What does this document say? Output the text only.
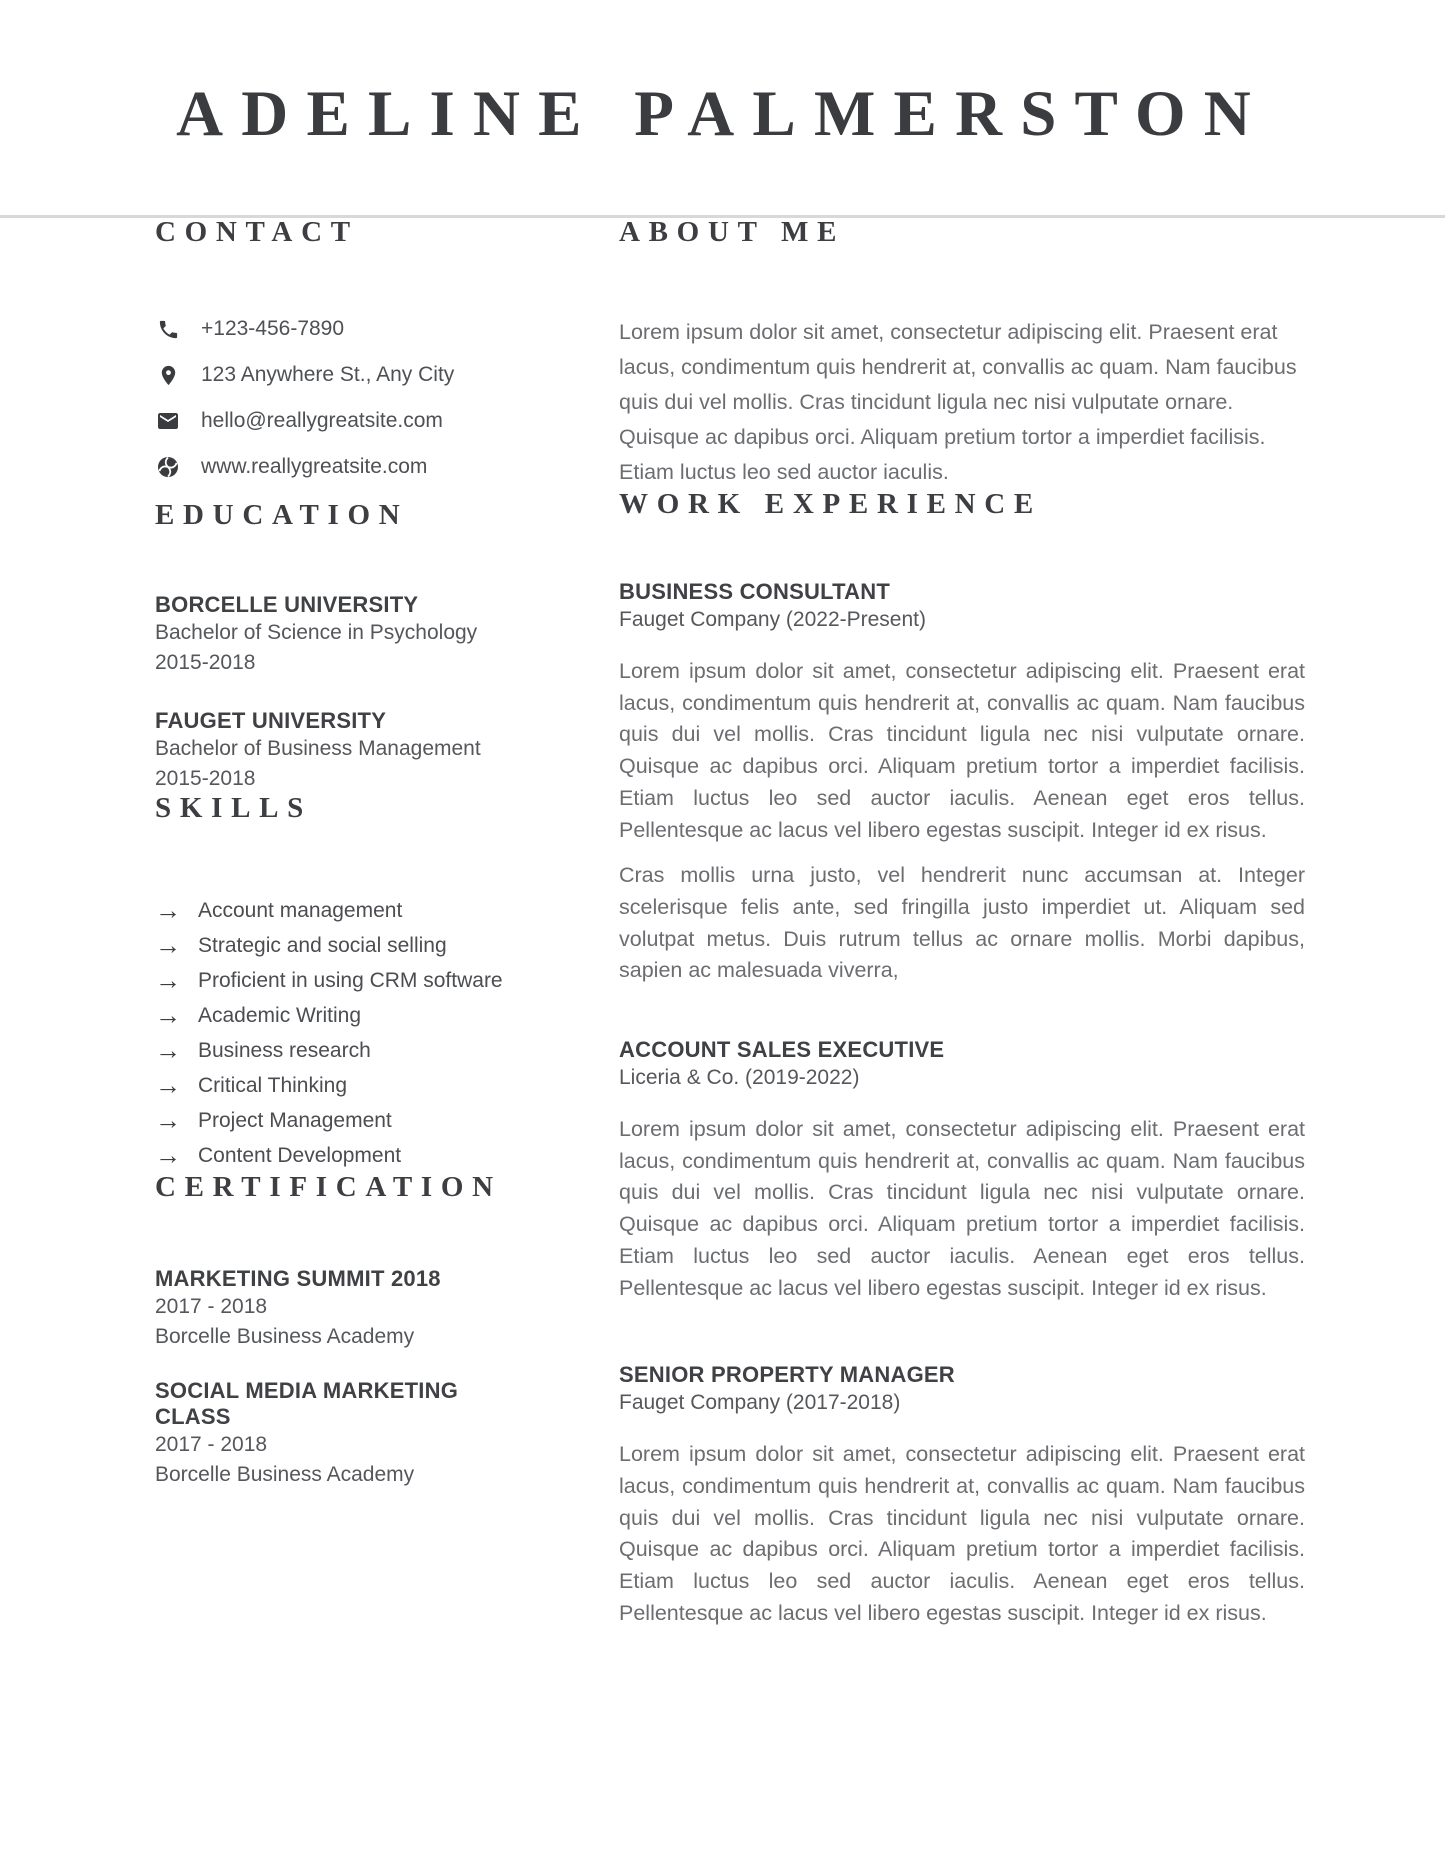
ADELINE PALMERSTON
CONTACT
+123-456-7890
123 Anywhere St., Any City
hello@reallygreatsite.com
www.reallygreatsite.com
EDUCATION
BORCELLE UNIVERSITY
Bachelor of Science in Psychology
2015-2018
FAUGET UNIVERSITY
Bachelor of Business Management
2015-2018
SKILLS
→ Account management
→ Strategic and social selling
→ Proficient in using CRM software
→ Academic Writing
→ Business research
→ Critical Thinking
→ Project Management
→ Content Development
CERTIFICATION
MARKETING SUMMIT 2018
2017 - 2018
Borcelle Business Academy
SOCIAL MEDIA MARKETING CLASS
2017 - 2018
Borcelle Business Academy
ABOUT ME

Lorem ipsum dolor sit amet, consectetur adipiscing elit. Praesent erat lacus, condimentum quis hendrerit at, convallis ac quam. Nam faucibus quis dui vel mollis. Cras tincidunt ligula nec nisi vulputate ornare. Quisque ac dapibus orci. Aliquam pretium tortor a imperdiet facilisis. Etiam luctus leo sed auctor iaculis.

WORK EXPERIENCE
BUSINESS CONSULTANT
Fauget Company (2022-Present)

Lorem ipsum dolor sit amet, consectetur adipiscing elit. Praesent erat lacus, condimentum quis hendrerit at, convallis ac quam. Nam faucibus quis dui vel mollis. Cras tincidunt ligula nec nisi vulputate ornare. Quisque ac dapibus orci. Aliquam pretium tortor a imperdiet facilisis. Etiam luctus leo sed auctor iaculis. Aenean eget eros tellus. Pellentesque ac lacus vel libero egestas suscipit. Integer id ex risus.

Cras mollis urna justo, vel hendrerit nunc accumsan at. Integer scelerisque felis ante, sed fringilla justo imperdiet ut. Aliquam sed volutpat metus. Duis rutrum tellus ac ornare mollis. Morbi dapibus, sapien ac malesuada viverra,

ACCOUNT SALES EXECUTIVE
Liceria & Co. (2019-2022)

Lorem ipsum dolor sit amet, consectetur adipiscing elit. Praesent erat lacus, condimentum quis hendrerit at, convallis ac quam. Nam faucibus quis dui vel mollis. Cras tincidunt ligula nec nisi vulputate ornare. Quisque ac dapibus orci. Aliquam pretium tortor a imperdiet facilisis. Etiam luctus leo sed auctor iaculis. Aenean eget eros tellus. Pellentesque ac lacus vel libero egestas suscipit. Integer id ex risus.

SENIOR PROPERTY MANAGER
Fauget Company (2017-2018)

Lorem ipsum dolor sit amet, consectetur adipiscing elit. Praesent erat lacus, condimentum quis hendrerit at, convallis ac quam. Nam faucibus quis dui vel mollis. Cras tincidunt ligula nec nisi vulputate ornare. Quisque ac dapibus orci. Aliquam pretium tortor a imperdiet facilisis. Etiam luctus leo sed auctor iaculis. Aenean eget eros tellus. Pellentesque ac lacus vel libero egestas suscipit. Integer id ex risus.
